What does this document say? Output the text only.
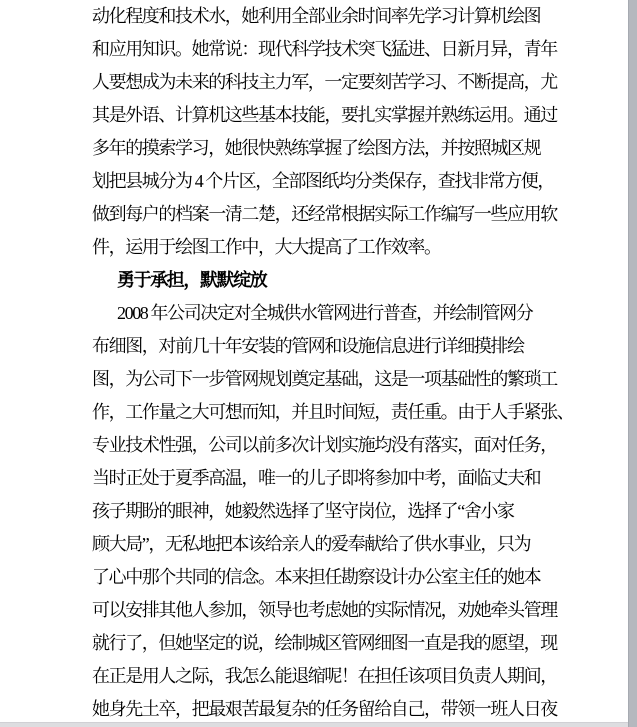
动化程度和技术水，她利用全部业余时间率先学习计算机绘图
和应用知识。她常说：现代科学技术突飞猛进、日新月异，青年
人要想成为未来的科技主力军，一定要刻苦学习、不断提高，尤
其是外语、计算机这些基本技能，要扎实掌握并熟练运用。通过
多年的摸索学习，她很快熟练掌握了绘图方法，并按照城区规
划把县城分为 4 个片区，全部图纸均分类保存，查找非常方便，
做到每户的档案一清二楚，还经常根据实际工作编写一些应用软
件，运用于绘图工作中，大大提高了工作效率。
勇于承担，默默绽放
2008 年公司决定对全城供水管网进行普查，并绘制管网分
布细图，对前几十年安装的管网和设施信息进行详细摸排绘
图，为公司下一步管网规划奠定基础，这是一项基础性的繁琐工
作，工作量之大可想而知，并且时间短，责任重。由于人手紧张、
专业技术性强，公司以前多次计划实施均没有落实，面对任务，
当时正处于夏季高温，唯一的儿子即将参加中考，面临丈夫和
孩子期盼的眼神，她毅然选择了坚守岗位，选择了“舍小家
顾大局”，无私地把本该给亲人的爱奉献给了供水事业，只为
了心中那个共同的信念。本来担任勘察设计办公室主任的她本
可以安排其他人参加，领导也考虑她的实际情况，劝她牵头管理
就行了，但她坚定的说，绘制城区管网细图一直是我的愿望，现
在正是用人之际，我怎么能退缩呢！在担任该项目负责人期间，
她身先土卒，把最艰苦最复杂的任务留给自己，带领一班人日夜
